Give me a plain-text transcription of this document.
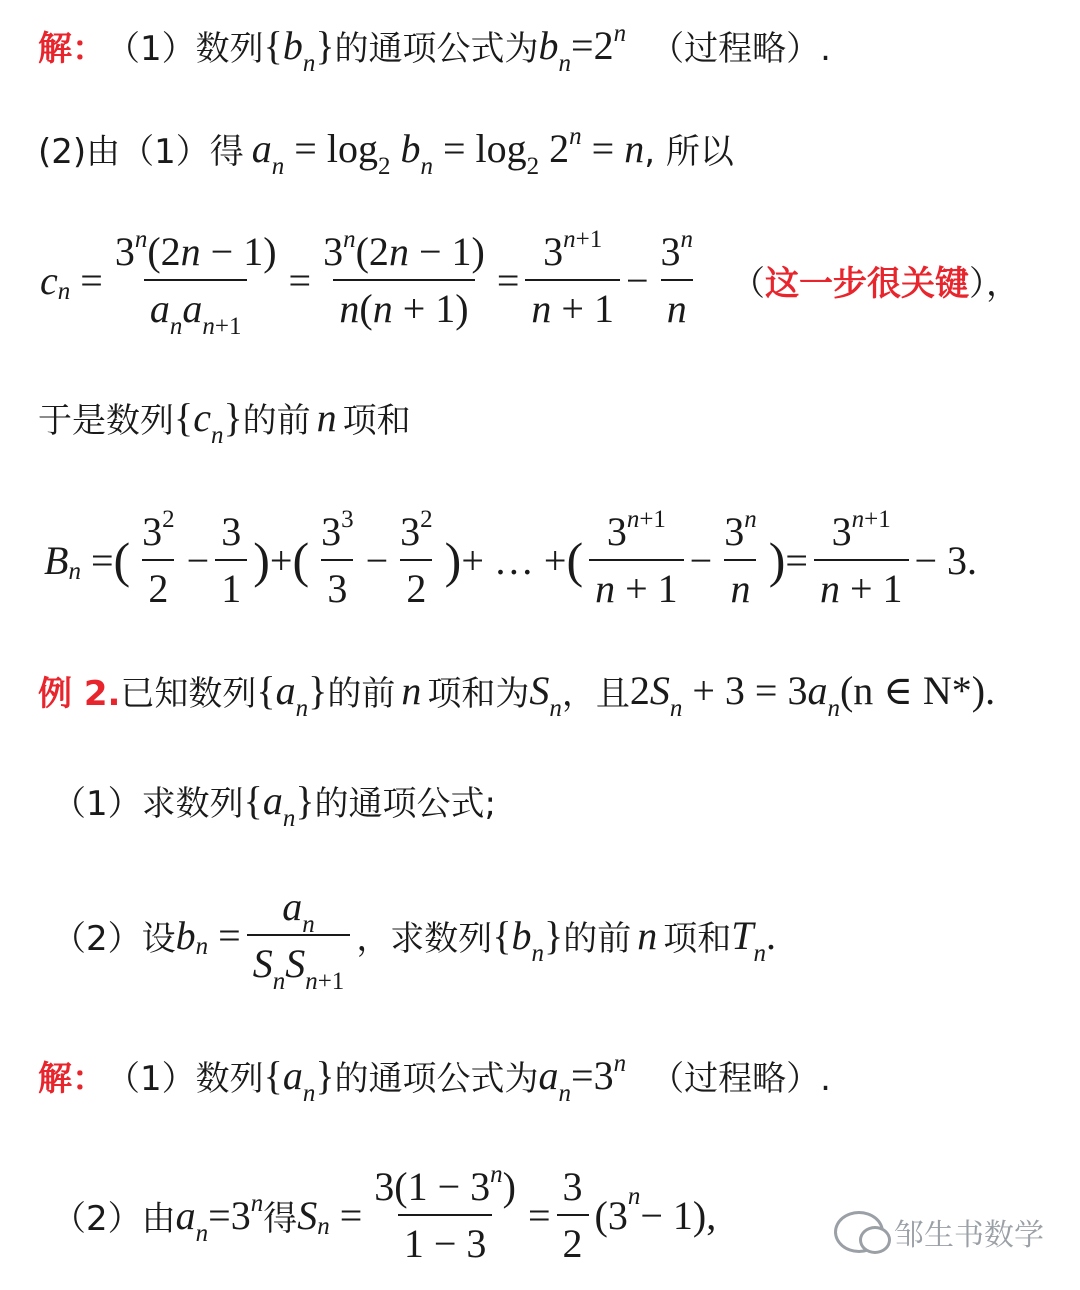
解： （1）数列 $\{b_n\}$ 的通项公式为 $b_n=2^n$ （过程略）.
(2)由（1）得 $a_n = \log_2 b_n = \log_2 2^n = n$ , 所以
c $n = \frac{3^n(2n - 1)}{a_na_{n+1}} = \frac{3^n(2n - 1)}{n(n + 1)} = \frac{3^{n+1}}{n + 1} - \frac{3^n}{n}$ （这一步很关键），
于是数列 $\{c_n\}$ 的前 n 项和
B n = ( $\frac{3^2}{2} - \frac{3}{1}$ ) + ( $\frac{3^3}{3} - \frac{3^2}{2}$ ) + … + ( $\frac{3^{n+1}}{n + 1} - \frac{3^n}{n}$ ) = $\frac{3^{n+1}}{n + 1} - 3$.
例 2. 已知数列 $\{a_n\}$ 的前 n 项和为 $S_n$ ，且 $2S_n + 3 = 3a_n$ (n ∈ N*).
（1）求数列 $\{a_n\}$ 的通项公式;
（2）设 b $n = \frac{a_n}{S_nS_{n+1}}$ ，求数列 $\{b_n\}$ 的前 n 项和 $T_n$.
解： （1）数列 $\{a_n\}$ 的通项公式为 $a_n=3^n$ （过程略）.
（2）由 $a_n=3^n$ 得 S $n = \frac{3(1 - 3^n)}{1 - 3} = \frac{3}{2} (3$ n − 1),	邹生书数学
